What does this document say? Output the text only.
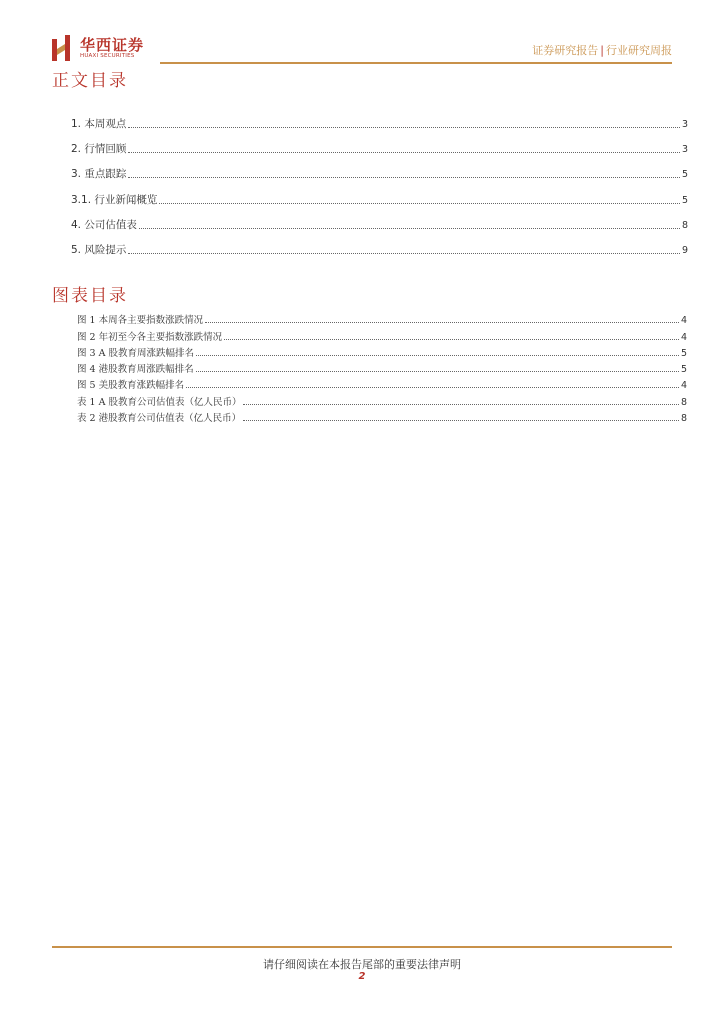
华西证券
HUAXI SECURITIES	证券研究报告 | 行业研究周报
正文目录
1. 本周观点	3
2. 行情回顾	3
3. 重点跟踪	5
3.1. 行业新闻概览	5
4. 公司估值表	8
5. 风险提示	9
图表目录
图 1 本周各主要指数涨跌情况	4
图 2 年初至今各主要指数涨跌情况	4
图 3 A 股教育周涨跌幅排名	5
图 4 港股教育周涨跌幅排名	5
图 5 美股教育涨跌幅排名	4
表 1 A 股教育公司估值表（亿人民币）	8
表 2 港股教育公司估值表（亿人民币）	8
请仔细阅读在本报告尾部的重要法律声明
2
